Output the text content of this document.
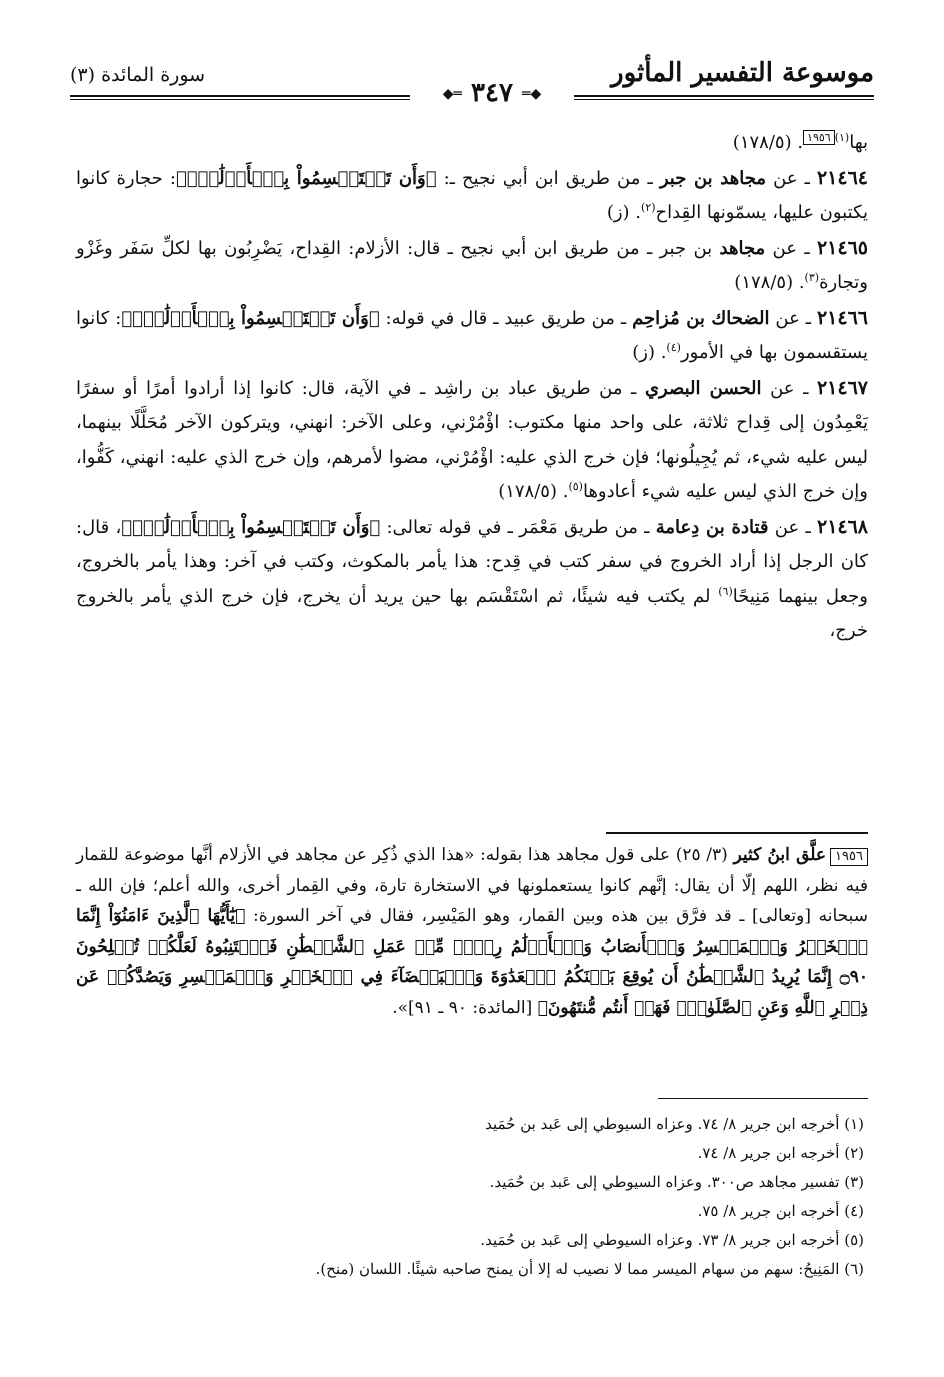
موسوعة التفسير المأثور
سورة المائدة (٣)
◆═ ٣٤٧ ═◆

بها$^{(١)}$١٩٥٦. (١٧٨/٥)

٢١٤٦٤ ـ عن مجاهد بن جبر ـ من طريق ابن أبي نجيح ـ: ﴿وَأَن تَسۡتَقۡسِمُواْ بِٱلۡأَزۡلَٰمِۚ﴾: حجارة كانوا يكتبون عليها، يسمّونها القِداح$^{(٢)}$. (ز)

٢١٤٦٥ ـ عن مجاهد بن جبر ـ من طريق ابن أبي نجيح ـ قال: الأزلام: القِداح، يَضْرِبُون بها لكلِّ سَفَر وغَزْو وتجارة$^{(٣)}$. (١٧٨/٥)

٢١٤٦٦ ـ عن الضحاك بن مُزاحِم ـ من طريق عبيد ـ قال في قوله: ﴿وَأَن تَسۡتَقۡسِمُواْ بِٱلۡأَزۡلَٰمِۚ﴾: كانوا يستقسمون بها في الأمور$^{(٤)}$. (ز)

٢١٤٦٧ ـ عن الحسن البصري ـ من طريق عباد بن راشِد ـ في الآية، قال: كانوا إذا أرادوا أمرًا أو سفرًا يَعْمِدُون إلى قِداح ثلاثة، على واحد منها مكتوب: اؤْمُرْني، وعلى الآخر: انهني، ويتركون الآخر مُحَلَّلًا بينهما، ليس عليه شيء، ثم يُجِيلُونها؛ فإن خرج الذي عليه: اؤْمُرْني، مضوا لأمرهم، وإن خرج الذي عليه: انهني، كَفُّوا، وإن خرج الذي ليس عليه شيء أعادوها$^{(٥)}$. (١٧٨/٥)

٢١٤٦٨ ـ عن قتادة بن دِعامة ـ من طريق مَعْمَر ـ في قوله تعالى: ﴿وَأَن تَسۡتَقۡسِمُواْ بِٱلۡأَزۡلَٰمِۚ﴾، قال: كان الرجل إذا أراد الخروج في سفر كتب في قِدح: هذا يأمر بالمكوث، وكتب في آخر: وهذا يأمر بالخروج، وجعل بينهما مَنِيحًا$^{(٦)}$ لم يكتب فيه شيئًا، ثم اسْتَقْسَم بها حين يريد أن يخرج، فإن خرج الذي يأمر بالخروج خرج،

١٩٥٦علَّق ابنُ كثير (٣/ ٢٥) على قول مجاهد هذا بقوله: «هذا الذي ذُكِر عن مجاهد في الأزلام أنَّها موضوعة للقمار فيه نظر، اللهم إلّا أن يقال: إنَّهم كانوا يستعملونها في الاستخارة تارة، وفي القِمار أخرى، والله أعلم؛ فإن الله ـ سبحانه [وتعالى] ـ قد فرَّق بين هذه وبين القمار، وهو المَيْسِر، فقال في آخر السورة: ﴿يَٰٓأَيُّهَا ٱلَّذِينَ ءَامَنُوٓاْ إِنَّمَا ٱلۡخَمۡرُ وَٱلۡمَيۡسِرُ وَٱلۡأَنصَابُ وَٱلۡأَزۡلَٰمُ رِجۡسٞ مِّنۡ عَمَلِ ٱلشَّيۡطَٰنِ فَٱجۡتَنِبُوهُ لَعَلَّكُمۡ تُفۡلِحُونَ ۝٩٠ إِنَّمَا يُرِيدُ ٱلشَّيۡطَٰنُ أَن يُوقِعَ بَيۡنَكُمُ ٱلۡعَدَٰوَةَ وَٱلۡبَغۡضَآءَ فِي ٱلۡخَمۡرِ وَٱلۡمَيۡسِرِ وَيَصُدَّكُمۡ عَن ذِكۡرِ ٱللَّهِ وَعَنِ ٱلصَّلَوٰةِۖ فَهَلۡ أَنتُم مُّنتَهُونَ﴾ [المائدة: ٩٠ ـ ٩١]».
(١) أخرجه ابن جرير ٨/ ٧٤. وعزاه السيوطي إلى عَبد بن حُمَيد
(٢) أخرجه ابن جرير ٨/ ٧٤.
(٣) تفسير مجاهد ص٣٠٠. وعزاه السيوطي إلى عَبد بن حُمَيد.
(٤) أخرجه ابن جرير ٨/ ٧٥.
(٥) أخرجه ابن جرير ٨/ ٧٣. وعزاه السيوطي إلى عَبد بن حُمَيد.
(٦) المَنِيحُ: سهم من سهام الميسر مما لا نصيب له إلا أن يمنح صاحبه شيئًا. اللسان (منح).
